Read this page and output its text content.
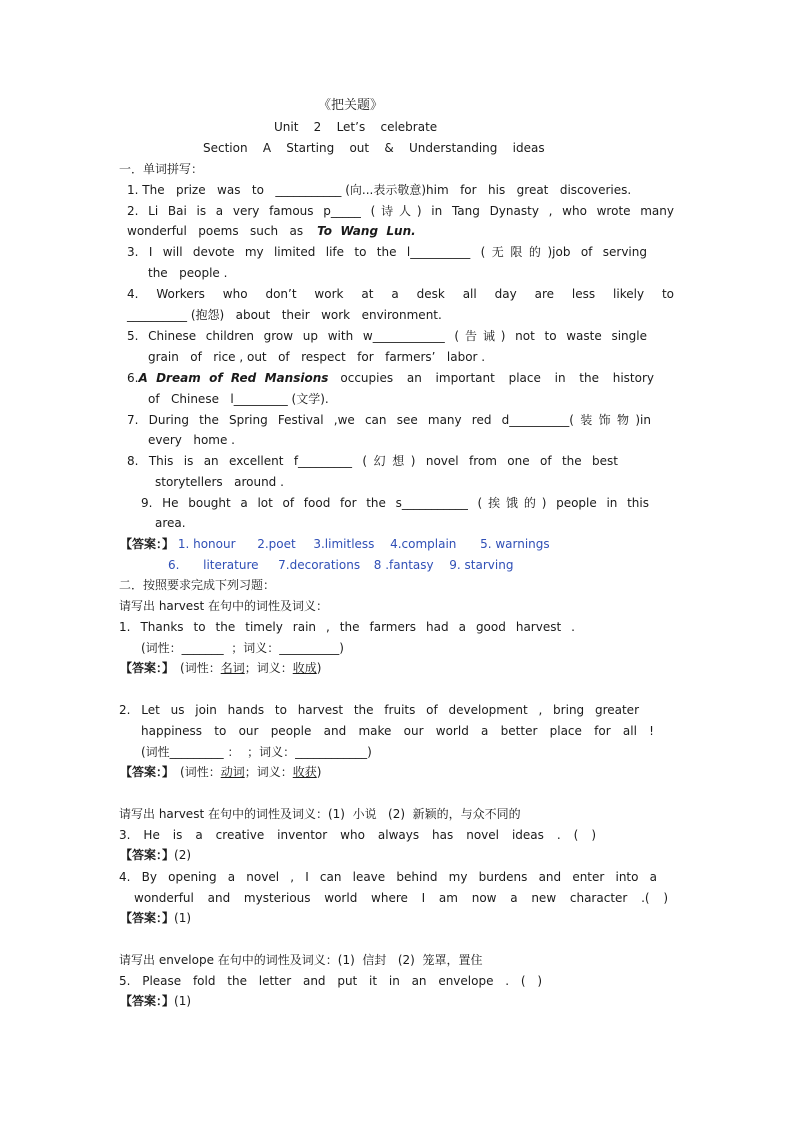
《把关题》
Unit    2    Let’s    celebrate
Section    A    Starting    out    &    Understanding    ideas
一．单词拼写：
1. The   prize   was   to   ___________ (向...表示敬意)him   for   his   great   discoveries.
2. Li Bai is a very famous p_____ (诗人) in Tang Dynasty , who wrote many
wonderful   poems   such   as To  Wang  Lun.
3. I will devote my limited life to the l__________ (无限的)job of serving
the   people .
4. Workers who don’t work at a desk all day are less likely to
__________ (抱怨)   about   their   work   environment.
5. Chinese children grow up with w____________ (告诫) not to waste single
grain   of   rice , out   of   respect   for   farmers’   labor .
6. A  Dream  of  Red  Mansions occupies an important place in the history
of   Chinese   l_________ (文学).
7. During the Spring Festival ,we can see many red d__________(装饰物)in
every   home .
8. This is an excellent f_________ (幻想) novel from one of the best
storytellers   around .
9. He bought a lot of food for the s___________ (挨饿的) people in this
area.
【答案：】 1. honour 2.poet 3.limitless 4.complain 5. warnings
6. literature 7.decorations 8 .fantasy 9. starving
二．按照要求完成下列习题：
请写出 harvest 在句中的词性及词义：
1. Thanks to the timely rain , the farmers had a good harvest .
(词性：_______  ；词义：__________)
【答案：】 (词性：名词；词义：收成)
2. Let us join hands to harvest the fruits of development , bring greater
happiness to our people and make our world a better place for all !
(词性_________ ：  ；词义：____________)
【答案：】 (词性：动词；词义：收获)
请写出 harvest 在句中的词性及词义：(1)  小说   (2)  新颖的，与众不同的
3. He is a creative inventor who always has novel ideas . ( )
【答案：】(2)
4. By opening a novel , I can leave behind my burdens and enter into a
wonderful and mysterious world where I am now a new character .( )
【答案：】(1)
请写出 envelope 在句中的词性及词义：(1)  信封   (2)  笼罩，置住
5. Please fold the letter and put it in an envelope . ( )
【答案：】(1)
